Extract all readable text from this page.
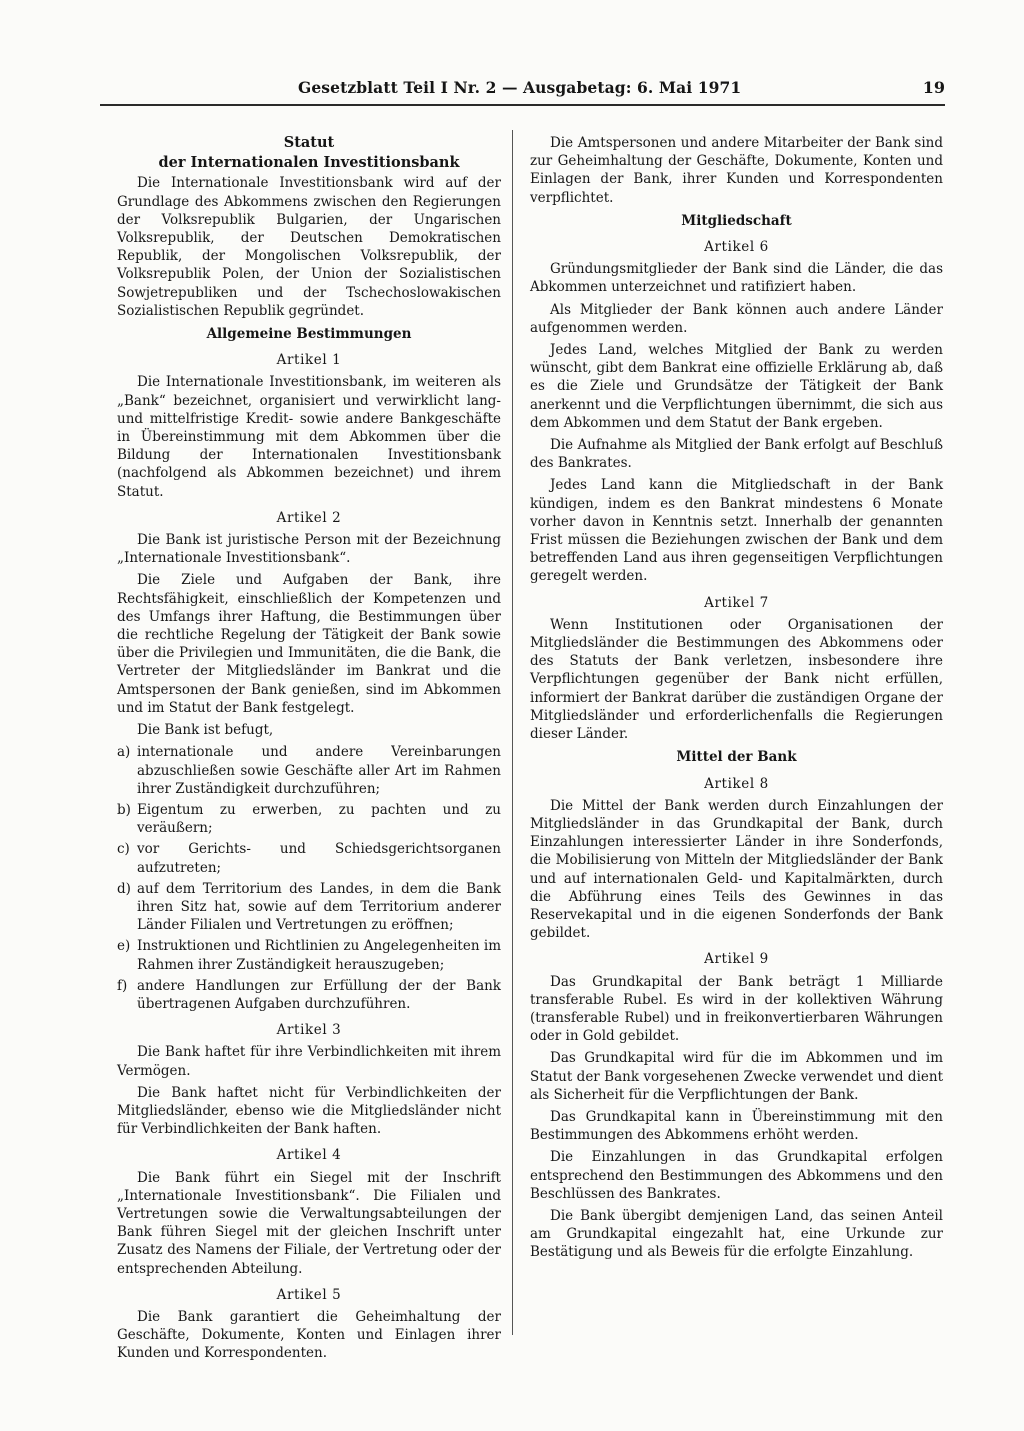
Gesetzblatt Teil I Nr. 2 — Ausgabetag: 6. Mai 1971	19
Statut
der Internationalen Investitionsbank

Die Internationale Investitionsbank wird auf der Grundlage des Abkommens zwischen den Regierungen der Volksrepublik Bulgarien, der Ungarischen Volksrepublik, der Deutschen Demokratischen Republik, der Mongolischen Volksrepublik, der Volksrepublik Polen, der Union der Sozialistischen Sowjetrepubliken und der Tschechoslowakischen Sozialistischen Republik gegründet.

Allgemeine Bestimmungen
Artikel 1

Die Internationale Investitionsbank, im weiteren als „Bank“ bezeichnet, organisiert und verwirklicht lang- und mittelfristige Kredit- sowie andere Bankgeschäfte in Übereinstimmung mit dem Abkommen über die Bildung der Internationalen Investitionsbank (nachfolgend als Abkommen bezeichnet) und ihrem Statut.

Artikel 2

Die Bank ist juristische Person mit der Bezeichnung „Internationale Investitionsbank“.

Die Ziele und Aufgaben der Bank, ihre Rechtsfähigkeit, einschließlich der Kompetenzen und des Umfangs ihrer Haftung, die Bestimmungen über die rechtliche Regelung der Tätigkeit der Bank sowie über die Privilegien und Immunitäten, die die Bank, die Vertreter der Mitgliedsländer im Bankrat und die Amtspersonen der Bank genießen, sind im Abkommen und im Statut der Bank festgelegt.

Die Bank ist befugt,

a) internationale und andere Vereinbarungen abzuschließen sowie Geschäfte aller Art im Rahmen ihrer Zuständigkeit durchzuführen;
b) Eigentum zu erwerben, zu pachten und zu veräußern;
c) vor Gerichts- und Schiedsgerichtsorganen aufzutreten;
d) auf dem Territorium des Landes, in dem die Bank ihren Sitz hat, sowie auf dem Territorium anderer Länder Filialen und Vertretungen zu eröffnen;
e) Instruktionen und Richtlinien zu Angelegenheiten im Rahmen ihrer Zuständigkeit herauszugeben;
f) andere Handlungen zur Erfüllung der der Bank übertragenen Aufgaben durchzuführen.
Artikel 3

Die Bank haftet für ihre Verbindlichkeiten mit ihrem Vermögen.

Die Bank haftet nicht für Verbindlichkeiten der Mitgliedsländer, ebenso wie die Mitgliedsländer nicht für Verbindlichkeiten der Bank haften.

Artikel 4

Die Bank führt ein Siegel mit der Inschrift „Internationale Investitionsbank“. Die Filialen und Vertretungen sowie die Verwaltungsabteilungen der Bank führen Siegel mit der gleichen Inschrift unter Zusatz des Namens der Filiale, der Vertretung oder der entsprechenden Abteilung.

Artikel 5

Die Bank garantiert die Geheimhaltung der Geschäfte, Dokumente, Konten und Einlagen ihrer Kunden und Korrespondenten.

Die Amtspersonen und andere Mitarbeiter der Bank sind zur Geheimhaltung der Geschäfte, Dokumente, Konten und Einlagen der Bank, ihrer Kunden und Korrespondenten verpflichtet.

Mitgliedschaft
Artikel 6

Gründungsmitglieder der Bank sind die Länder, die das Abkommen unterzeichnet und ratifiziert haben.

Als Mitglieder der Bank können auch andere Länder aufgenommen werden.

Jedes Land, welches Mitglied der Bank zu werden wünscht, gibt dem Bankrat eine offizielle Erklärung ab, daß es die Ziele und Grundsätze der Tätigkeit der Bank anerkennt und die Verpflichtungen übernimmt, die sich aus dem Abkommen und dem Statut der Bank ergeben.

Die Aufnahme als Mitglied der Bank erfolgt auf Beschluß des Bankrates.

Jedes Land kann die Mitgliedschaft in der Bank kündigen, indem es den Bankrat mindestens 6 Monate vorher davon in Kenntnis setzt. Innerhalb der genannten Frist müssen die Beziehungen zwischen der Bank und dem betreffenden Land aus ihren gegenseitigen Verpflichtungen geregelt werden.

Artikel 7

Wenn Institutionen oder Organisationen der Mitgliedsländer die Bestimmungen des Abkommens oder des Statuts der Bank verletzen, insbesondere ihre Verpflichtungen gegenüber der Bank nicht erfüllen, informiert der Bankrat darüber die zuständigen Organe der Mitgliedsländer und erforderlichenfalls die Regierungen dieser Länder.

Mittel der Bank
Artikel 8

Die Mittel der Bank werden durch Einzahlungen der Mitgliedsländer in das Grundkapital der Bank, durch Einzahlungen interessierter Länder in ihre Sonderfonds, die Mobilisierung von Mitteln der Mitgliedsländer der Bank und auf internationalen Geld- und Kapitalmärkten, durch die Abführung eines Teils des Gewinnes in das Reservekapital und in die eigenen Sonderfonds der Bank gebildet.

Artikel 9

Das Grundkapital der Bank beträgt 1 Milliarde transferable Rubel. Es wird in der kollektiven Währung (transferable Rubel) und in freikonvertierbaren Währungen oder in Gold gebildet.

Das Grundkapital wird für die im Abkommen und im Statut der Bank vorgesehenen Zwecke verwendet und dient als Sicherheit für die Verpflichtungen der Bank.

Das Grundkapital kann in Übereinstimmung mit den Bestimmungen des Abkommens erhöht werden.

Die Einzahlungen in das Grundkapital erfolgen entsprechend den Bestimmungen des Abkommens und den Beschlüssen des Bankrates.

Die Bank übergibt demjenigen Land, das seinen Anteil am Grundkapital eingezahlt hat, eine Urkunde zur Bestätigung und als Beweis für die erfolgte Einzahlung.
